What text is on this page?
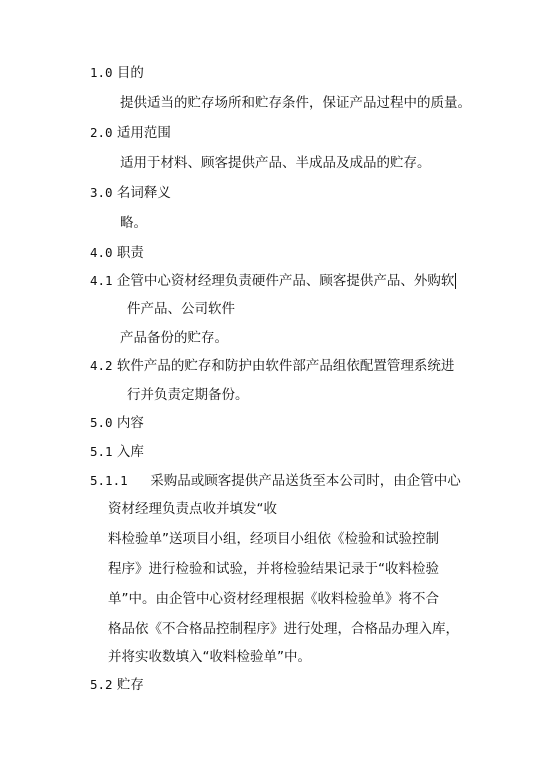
1.0 目的
提供适当的贮存场所和贮存条件，保证产品过程中的质量。
2.0 适用范围
适用于材料、顾客提供产品、半成品及成品的贮存。
3.0 名词释义
略。
4.0 职责
4.1 企管中心资材经理负责硬件产品、顾客提供产品、外购软
件产品、公司软件
产品备份的贮存。
4.2 软件产品的贮存和防护由软件部产品组依配置管理系统进
行并负责定期备份。
5.0 内容
5.1 入库
5.1.1 采购品或顾客提供产品送货至本公司时，由企管中心
资材经理负责点收并填发“收
料检验单”送项目小组，经项目小组依《检验和试验控制
程序》进行检验和试验，并将检验结果记录于“收料检验
单”中。由企管中心资材经理根据《收料检验单》将不合
格品依《不合格品控制程序》进行处理，合格品办理入库，
并将实收数填入“收料检验单”中。
5.2 贮存
